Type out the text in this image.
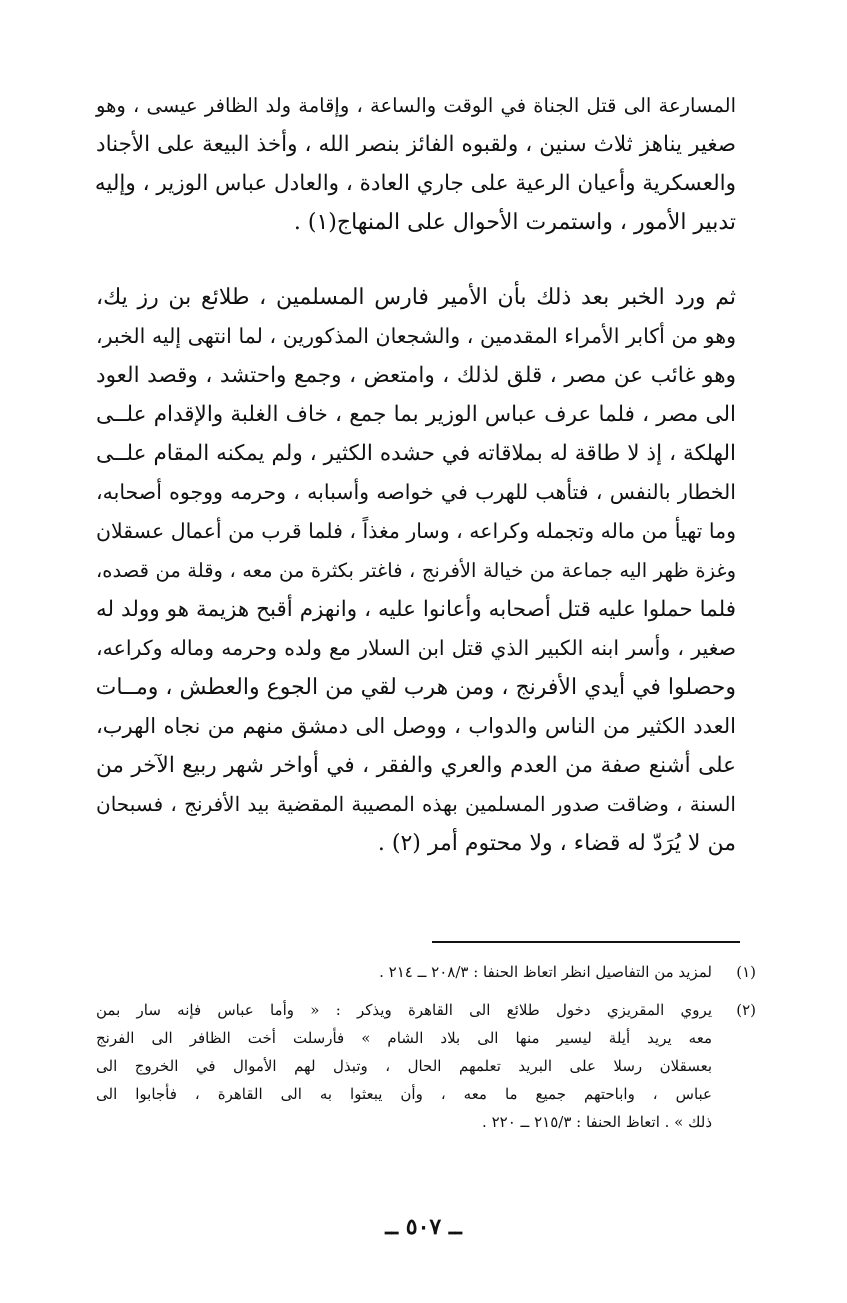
المسارعة الى قتل الجناة في الوقت والساعة ، وإقامة ولد الظافر عيسى ، وهو
صغير يناهز ثلاث سنين ، ولقبوه الفائز بنصر الله ، وأخذ البيعة على الأجناد
والعسكرية وأعيان الرعية على جاري العادة ، والعادل عباس الوزير ، وإليه
تدبير الأمور ، واستمرت الأحوال على المنهاج(١) .
ثم ورد الخبر بعد ذلك بأن الأمير فارس المسلمين ، طلائع بن رز يك،
وهو من أكابر الأمراء المقدمين ، والشجعان المذكورين ، لما انتهى إليه الخبر،
وهو غائب عن مصر ، قلق لذلك ، وامتعض ، وجمع واحتشد ، وقصد العود
الى مصر ، فلما عرف عباس الوزير بما جمع ، خاف الغلبة والإقدام علــى
الهلكة ، إذ لا طاقة له بملاقاته في حشده الكثير ، ولم يمكنه المقام علــى
الخطار بالنفس ، فتأهب للهرب في خواصه وأسبابه ، وحرمه ووجوه أصحابه،
وما تهيأ من ماله وتجمله وكراعه ، وسار مغذاً ، فلما قرب من أعمال عسقلان
وغزة ظهر اليه جماعة من خيالة الأفرنج ، فاغتر بكثرة من معه ، وقلة من قصده،
فلما حملوا عليه قتل أصحابه وأعانوا عليه ، وانهزم أقبح هزيمة هو وولد له
صغير ، وأسر ابنه الكبير الذي قتل ابن السلار مع ولده وحرمه وماله وكراعه،
وحصلوا في أيدي الأفرنج ، ومن هرب لقي من الجوع والعطش ، ومــات
العدد الكثير من الناس والدواب ، ووصل الى دمشق منهم من نجاه الهرب،
على أشنع صفة من العدم والعري والفقر ، في أواخر شهر ربيع الآخر من
السنة ، وضاقت صدور المسلمين بهذه المصيبة المقضية بيد الأفرنج ، فسبحان
من لا يُرَدّ له قضاء ، ولا محتوم أمر (٢) .
(١)
لمزيد من التفاصيل انظر اتعاظ الحنفا : ٢٠٨/٣ ــ ٢١٤ .
(٢)
يروي المقريزي دخول طلائع الى القاهرة ويذكر : « وأما عباس فإنه سار بمن
معه يريد أيلة ليسير منها الى بلاد الشام » فأرسلت أخت الظافر الى الفرنج
بعسقلان رسلا على البريد تعلمهم الحال ، وتبذل لهم الأموال في الخروج الى
عباس ، واباحتهم جميع ما معه ، وأن يبعثوا به الى القاهرة ، فأجابوا الى
ذلك » . اتعاظ الحنفا : ٢١٥/٣ ــ ٢٢٠ .
ــ ٥٠٧ ــ
